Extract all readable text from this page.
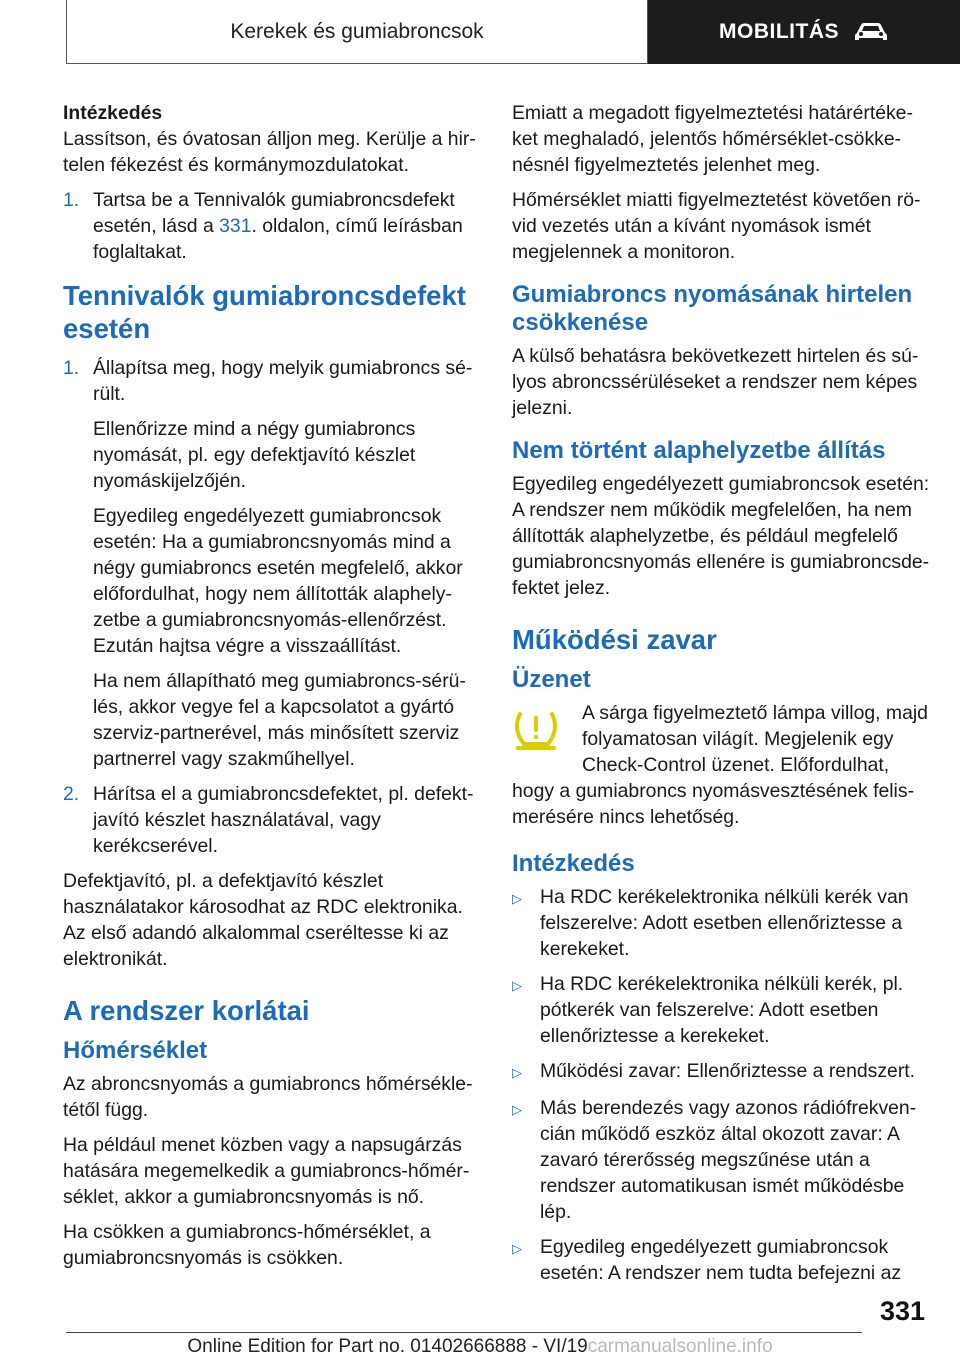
Kerekek és gumiabroncsok	MOBILITÁS

Intézkedés

Lassítson, és óvatosan álljon meg. Kerülje a hirtelen fékezést és kormánymozdulatokat.

1. Tartsa be a Tennivalók gumiabroncsdefekt esetén, lásd a 331. oldalon, című leírásban foglaltakat.

Tennivalók gumiabroncsdefekt esetén
1. Állapítsa meg, hogy melyik gumiabroncs sérült.

Ellenőrizze mind a négy gumiabroncs nyomását, pl. egy defektjavító készlet nyomáskijelzőjén.

Egyedileg engedélyezett gumiabroncsok esetén: Ha a gumiabroncsnyomás mind a négy gumiabroncs esetén megfelelő, akkor előfordulhat, hogy nem állították alaphelyzetbe a gumiabroncsnyomás-ellenőrzést. Ezután hajtsa végre a visszaállítást.

Ha nem állapítható meg gumiabroncs-sérülés, akkor vegye fel a kapcsolatot a gyártó szerviz-partnerével, más minősített szerviz partnerrel vagy szakműhellyel.

2. Hárítsa el a gumiabroncsdefektet, pl. defektjavító készlet használatával, vagy kerékcserével.

Defektjavító, pl. a defektjavító készlet használatakor károsodhat az RDC elektronika. Az első adandó alkalommal cseréltesse ki az elektronikát.

A rendszer korlátai
Hőmérséklet

Az abroncsnyomás a gumiabroncs hőmérsékletétől függ.

Ha például menet közben vagy a napsugárzás hatására megemelkedik a gumiabroncs-hőmérséklet, akkor a gumiabroncsnyomás is nő.

Ha csökken a gumiabroncs-hőmérséklet, a gumiabroncsnyomás is csökken.

Emiatt a megadott figyelmeztetési határértékeket meghaladó, jelentős hőmérséklet-csökkenésnél figyelmeztetés jelenhet meg.

Hőmérséklet miatti figyelmeztetést követően rövid vezetés után a kívánt nyomások ismét megjelennek a monitoron.

Gumiabroncs nyomásának hirtelen csökkenése

A külső behatásra bekövetkezett hirtelen és súlyos abroncssérüléseket a rendszer nem képes jelezni.

Nem történt alaphelyzetbe állítás

Egyedileg engedélyezett gumiabroncsok esetén: A rendszer nem működik megfelelően, ha nem állították alaphelyzetbe, és például megfelelő gumiabroncsnyomás ellenére is gumiabroncsdefektet jelez.

Működési zavar
Üzenet

A sárga figyelmeztető lámpa villog, majd folyamatosan világít. Megjelenik egy Check-Control üzenet. Előfordulhat,

hogy a gumiabroncs nyomásvesztésének felismerésére nincs lehetőség.

Intézkedés
▷ Ha RDC kerékelektronika nélküli kerék van felszerelve: Adott esetben ellenőriztesse a kerekeket.

▷ Ha RDC kerékelektronika nélküli kerék, pl. pótkerék van felszerelve: Adott esetben ellenőriztesse a kerekeket.

▷ Működési zavar: Ellenőriztesse a rendszert.

▷ Más berendezés vagy azonos rádiófrekvencián működő eszköz által okozott zavar: A zavaró térerősség megszűnése után a rendszer automatikusan ismét működésbe lép.

▷ Egyedileg engedélyezett gumiabroncsok esetén: A rendszer nem tudta befejezni az

331
Online Edition for Part no. 01402666888 - VI/19carmanualsonline.info
